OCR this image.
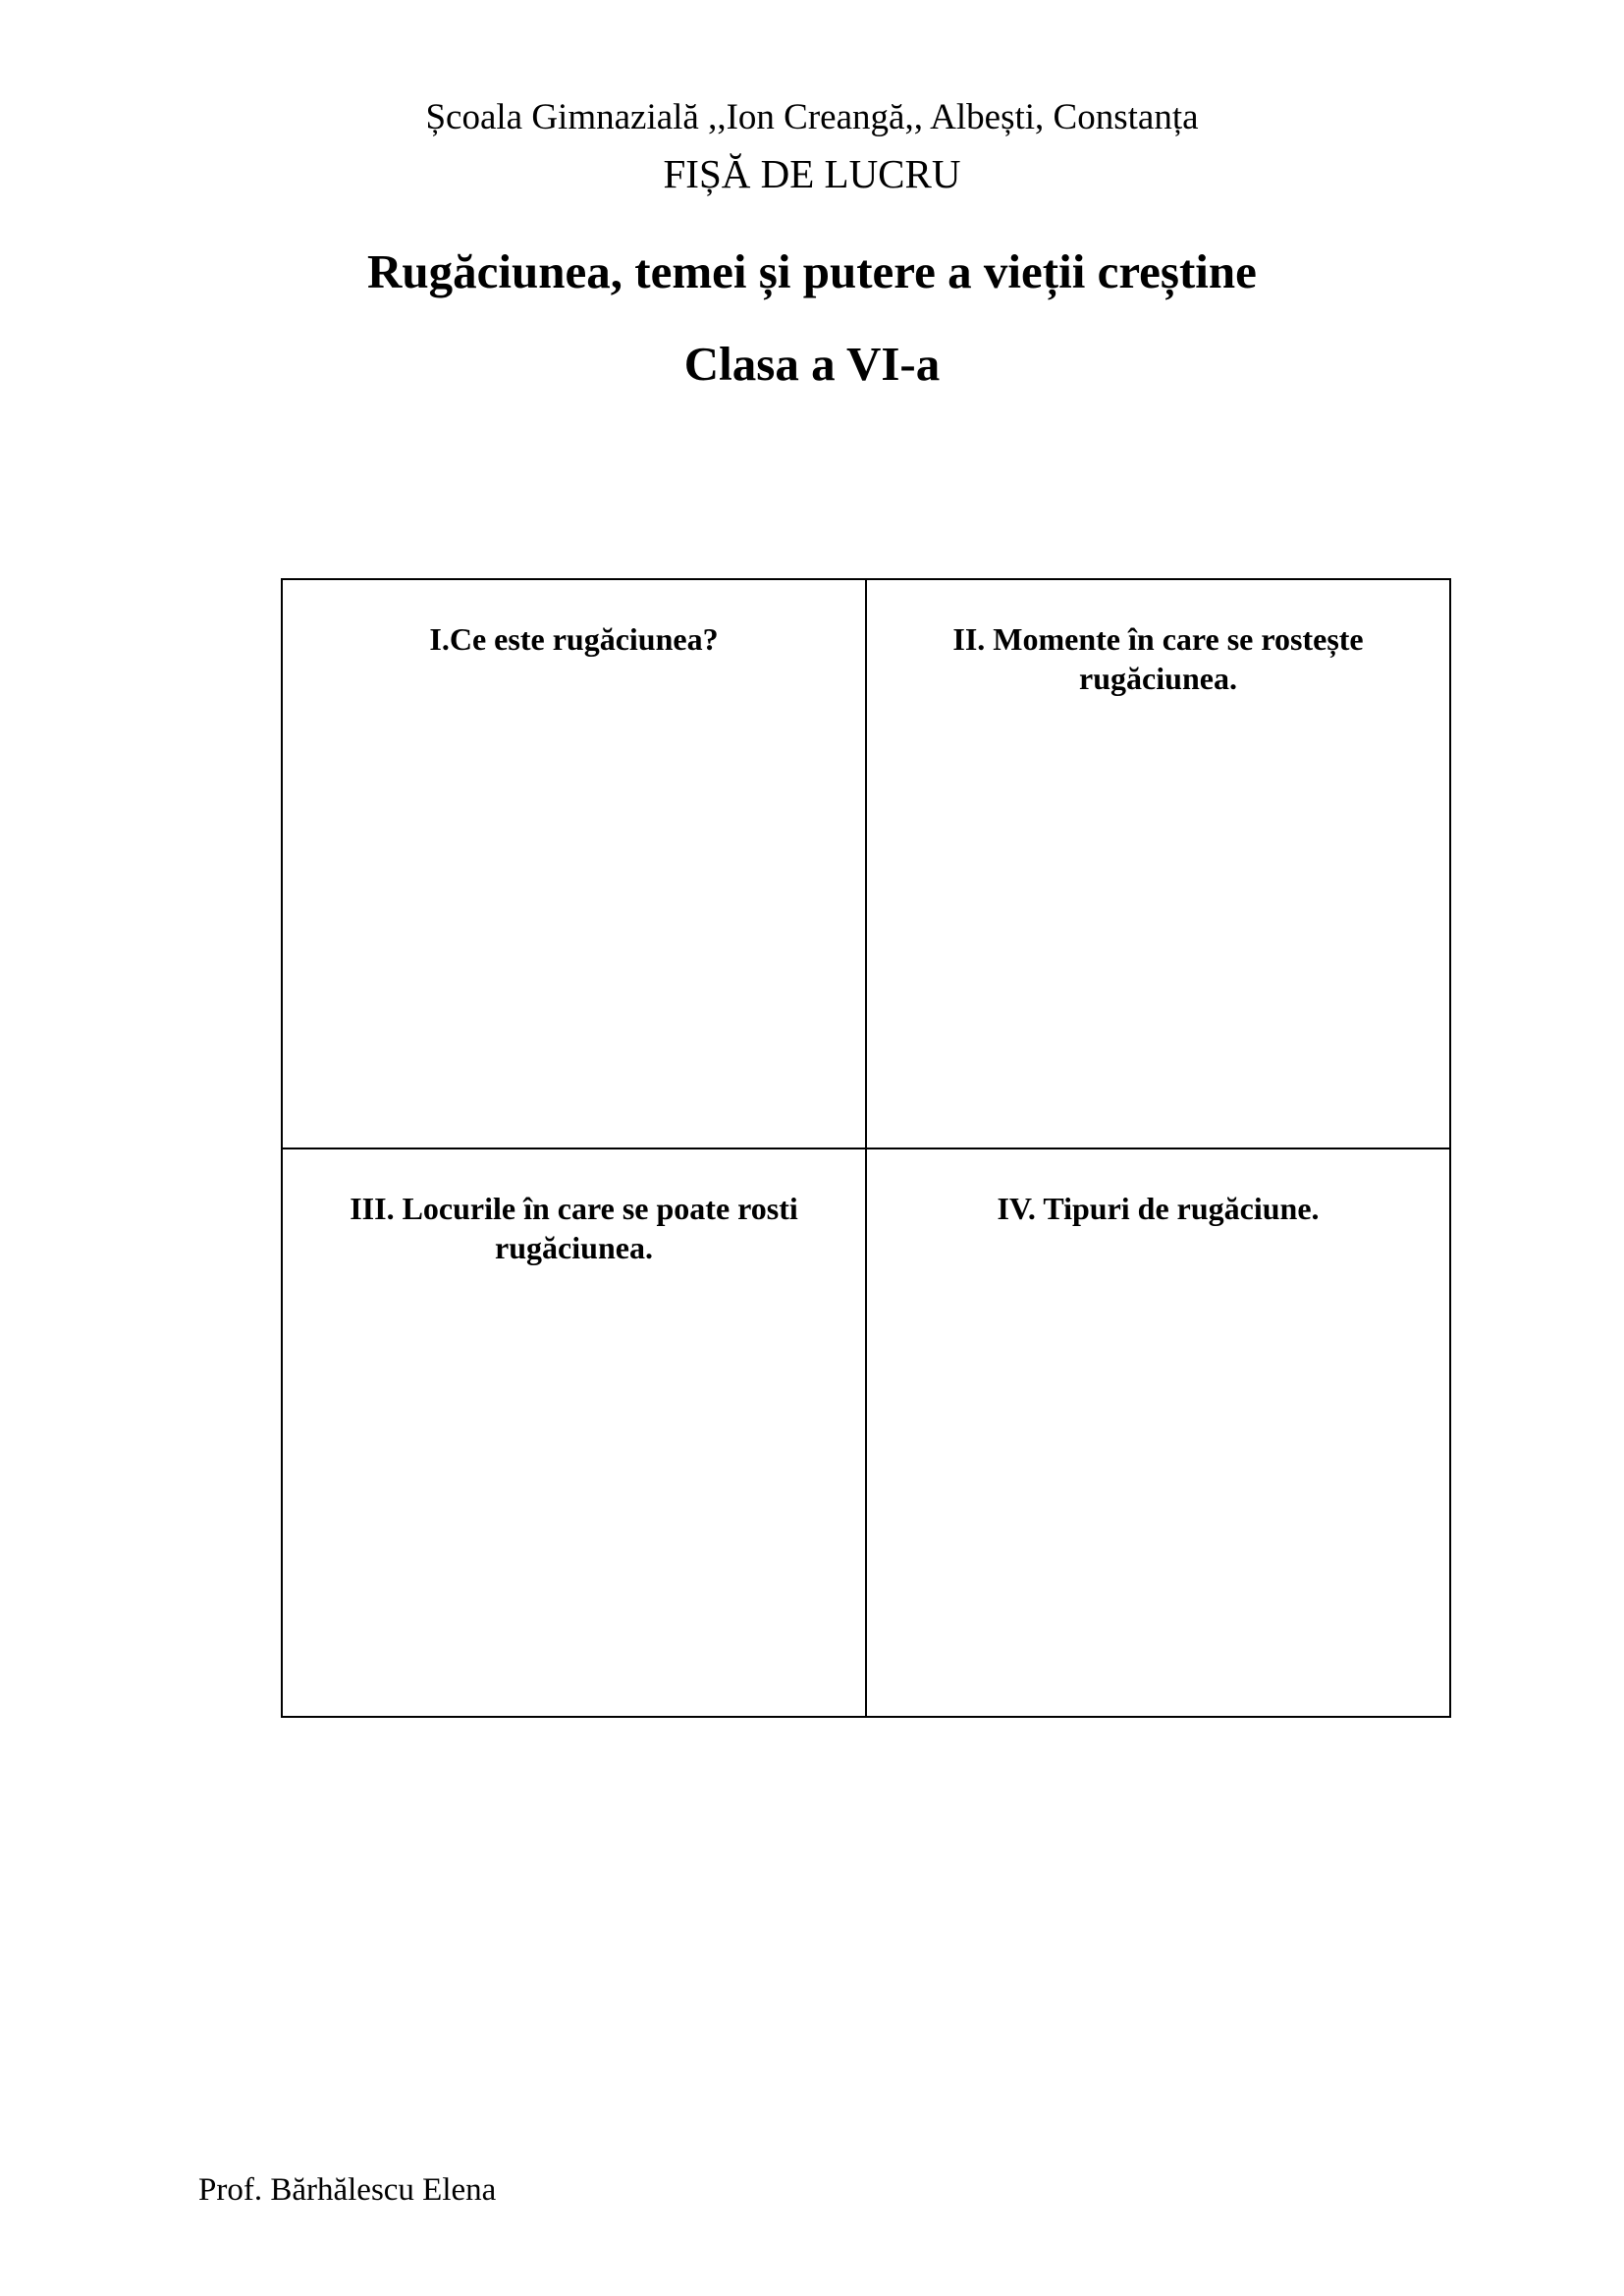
Școala Gimnazială ,,Ion Creangă,, Albești, Constanța
FIȘĂ DE LUCRU
Rugăciunea, temei și putere a vieții creștine
Clasa a VI-a
I.Ce este rugăciunea?	II. Momente în care se rostește rugăciunea.

III. Locurile în care se poate rosti rugăciunea.	IV. Tipuri de rugăciune.
Prof. Bărhălescu Elena
